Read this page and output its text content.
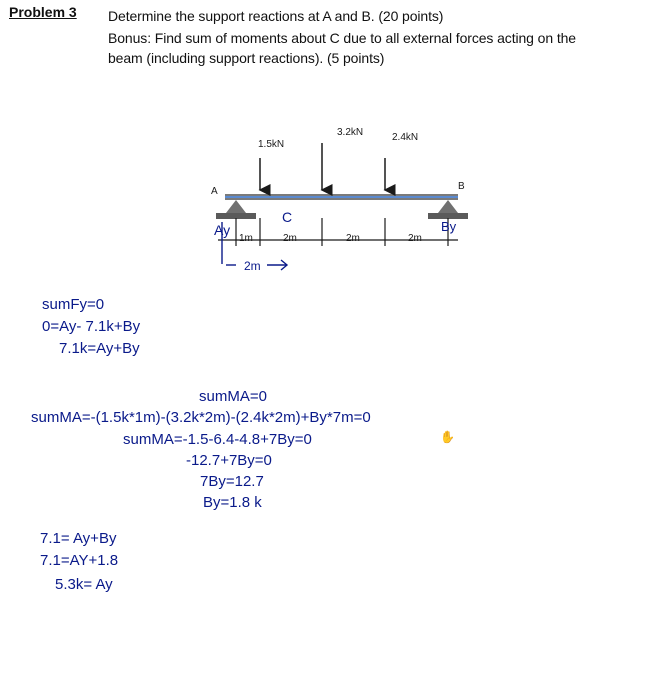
Problem 3 Determine the support reactions at A and B. (20 points)
Bonus: Find sum of moments about C due to all external forces acting on the
beam (including support reactions). (5 points)
1.5kN
3.2kN	2.4kN
A	B
C
Ay	By
1m	2m	2m	2m
2m
sumFy=0
0=Ay- 7.1k+By
7.1k=Ay+By
sumMA=0
sumMA=-(1.5k*1m)-(3.2k*2m)-(2.4k*2m)+By*7m=0
sumMA=-1.5-6.4-4.8+7By=0
-12.7+7By=0
7By=12.7
By=1.8 k
✋
7.1= Ay+By
7.1=AY+1.8
5.3k= Ay
